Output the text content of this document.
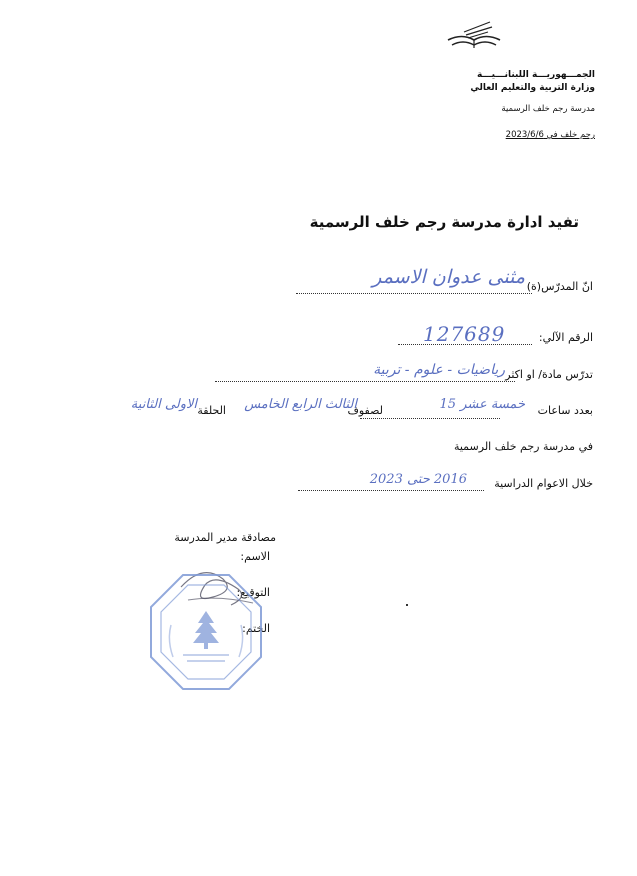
الجمـــهوريـــة اللبنانـــيـــة
وزارة التربية والتعليم العالي
مدرسة رجم خلف الرسمية
رجم خلف في 2023/6/6
تفيد ادارة مدرسة رجم خلف الرسمية
انّ المدرّس(ة)
مثنى عدوان الاسمر
الرقم الآلي:
127689
تدرّس مادة/ او اكثر
رياضيات - علوم - تربية
بعدد ساعات
خمسة عشر 15
لصفوف
الثالث الرابع الخامس
الحلقة
الاولى الثانية
في مدرسة رجم خلف الرسمية
خلال الاعوام الدراسية
2016 حتى 2023
مصادقة مدير المدرسة
الاسم:
التوقيع:
الختم:
